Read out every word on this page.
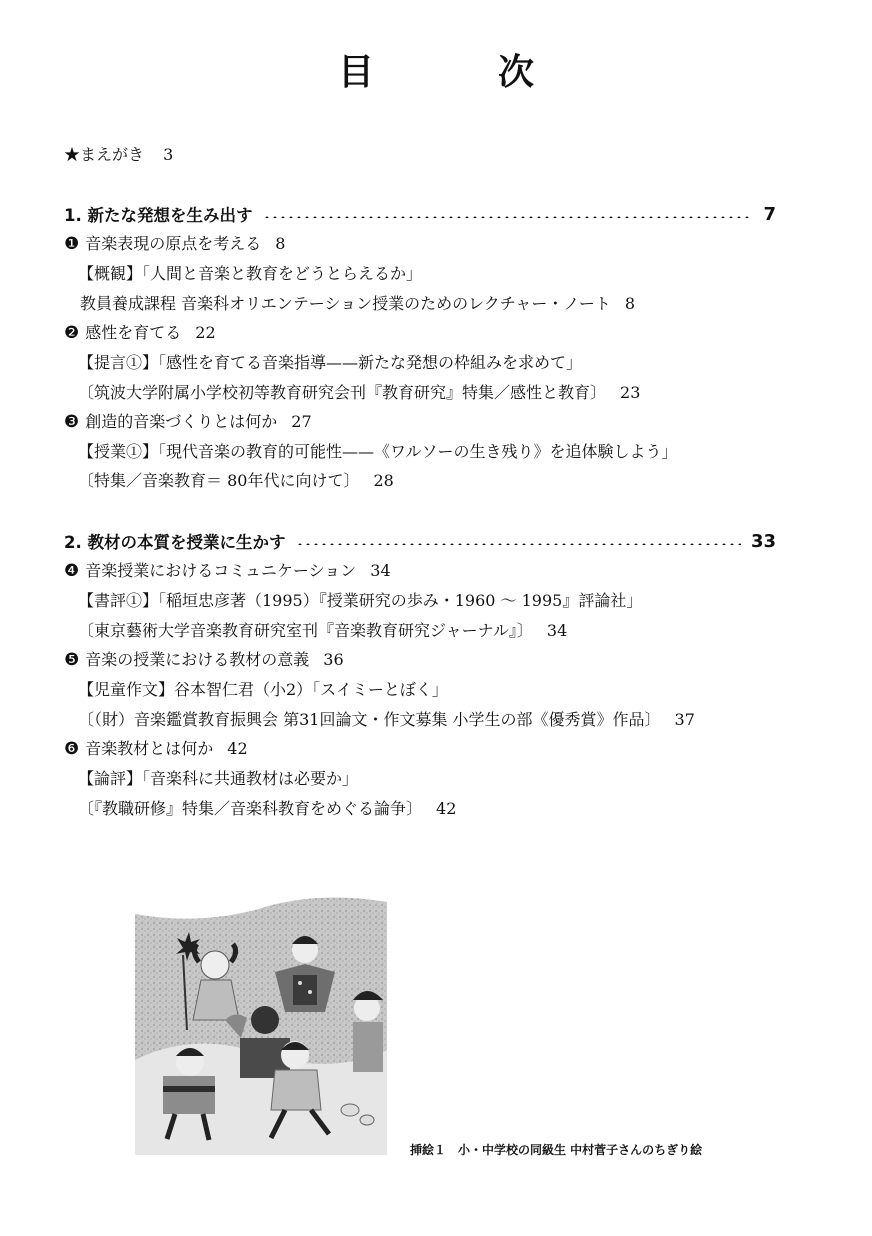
目　次
★まえがき 3
1. 新たな発想を生み出す	7
❶ 音楽表現の原点を考える 8
【概観】「人間と音楽と教育をどうとらえるか」
教員養成課程 音楽科オリエンテーション授業のためのレクチャー・ノート 8
❷ 感性を育てる 22
【提言①】「感性を育てる音楽指導——新たな発想の枠組みを求めて」
〔筑波大学附属小学校初等教育研究会刊『教育研究』特集／感性と教育〕 23
❸ 創造的音楽づくりとは何か 27
【授業①】「現代音楽の教育的可能性——《ワルソーの生き残り》を追体験しよう」
〔特集／音楽教育＝ 80年代に向けて〕 28
2. 教材の本質を授業に生かす	33
❹ 音楽授業におけるコミュニケーション 34
【書評①】「稲垣忠彦著（1995）『授業研究の歩み・1960 〜 1995』評論社」
〔東京藝術大学音楽教育研究室刊『音楽教育研究ジャーナル』〕 34
❺ 音楽の授業における教材の意義 36
【児童作文】谷本智仁君（小2）「スイミーとぼく」
〔（財）音楽鑑賞教育振興会 第31回論文・作文募集 小学生の部《優秀賞》作品〕 37
❻ 音楽教材とは何か 42
【論評】「音楽科に共通教材は必要か」
〔『教職研修』特集／音楽科教育をめぐる論争〕 42
挿絵１　小・中学校の同級生 中村菅子さんのちぎり絵
